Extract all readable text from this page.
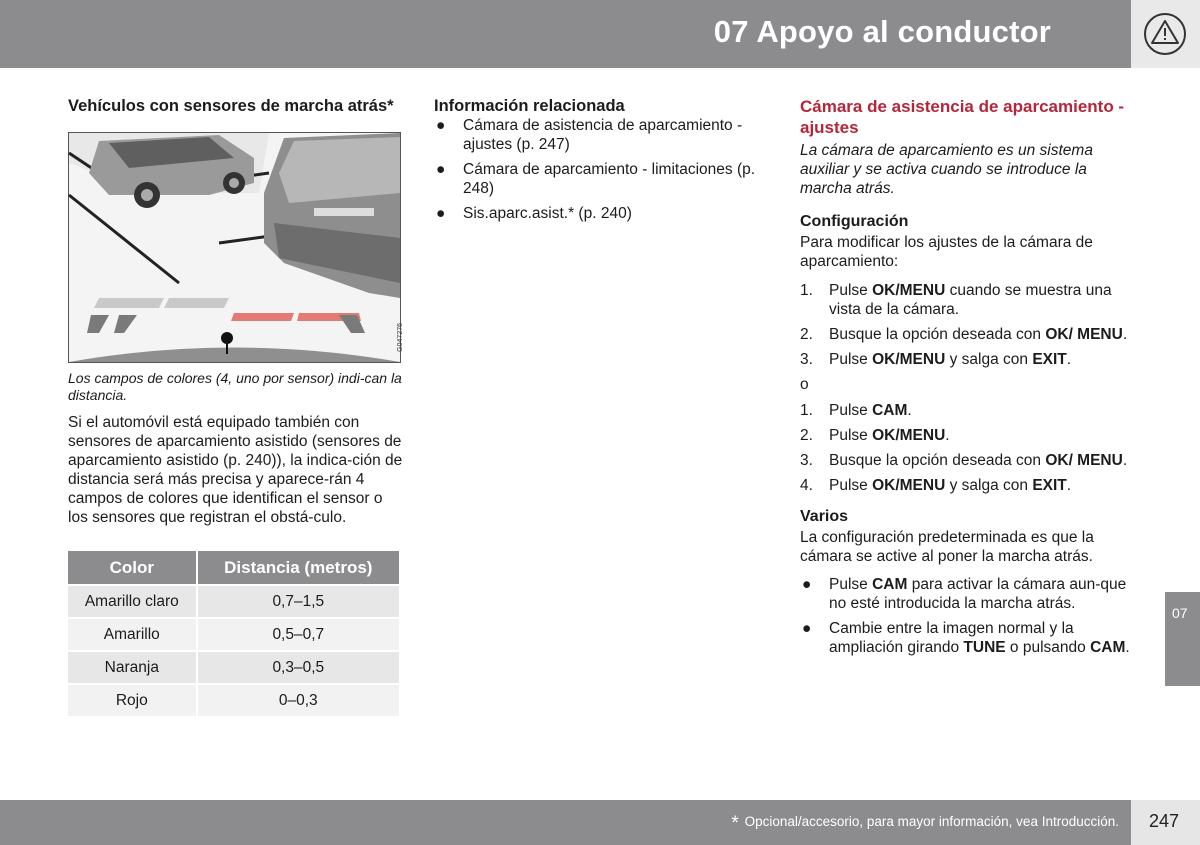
07 Apoyo al conductor
Vehículos con sensores de marcha atrás*
G047276

Los campos de colores (4, uno por sensor) indi-can la distancia.

Si el automóvil está equipado también con sensores de aparcamiento asistido (sensores de aparcamiento asistido (p. 240)), la indica-ción de distancia será más precisa y aparece-rán 4 campos de colores que identifican el sensor o los sensores que registran el obstá-culo.

Color	Distancia (metros)
Amarillo claro	0,7–1,5
Amarillo	0,5–0,7
Naranja	0,3–0,5
Rojo	0–0,3
Información relacionada
● Cámara de asistencia de aparcamiento - ajustes (p. 247)
● Cámara de aparcamiento - limitaciones (p. 248)
● Sis.aparc.asist.* (p. 240)
Cámara de asistencia de aparcamiento - ajustes

La cámara de aparcamiento es un sistema auxiliar y se activa cuando se introduce la marcha atrás.

Configuración

Para modificar los ajustes de la cámara de aparcamiento:

1. Pulse OK/MENU cuando se muestra una vista de la cámara.
2. Busque la opción deseada con OK/ MENU.
3. Pulse OK/MENU y salga con EXIT.

o

1. Pulse CAM.
2. Pulse OK/MENU.
3. Busque la opción deseada con OK/ MENU.
4. Pulse OK/MENU y salga con EXIT.
Varios

La configuración predeterminada es que la cámara se active al poner la marcha atrás.

● Pulse CAM para activar la cámara aun-que no esté introducida la marcha atrás.
● Cambie entre la imagen normal y la ampliación girando TUNE o pulsando CAM.
07
* Opcional/accesorio, para mayor información, vea Introducción. 247
